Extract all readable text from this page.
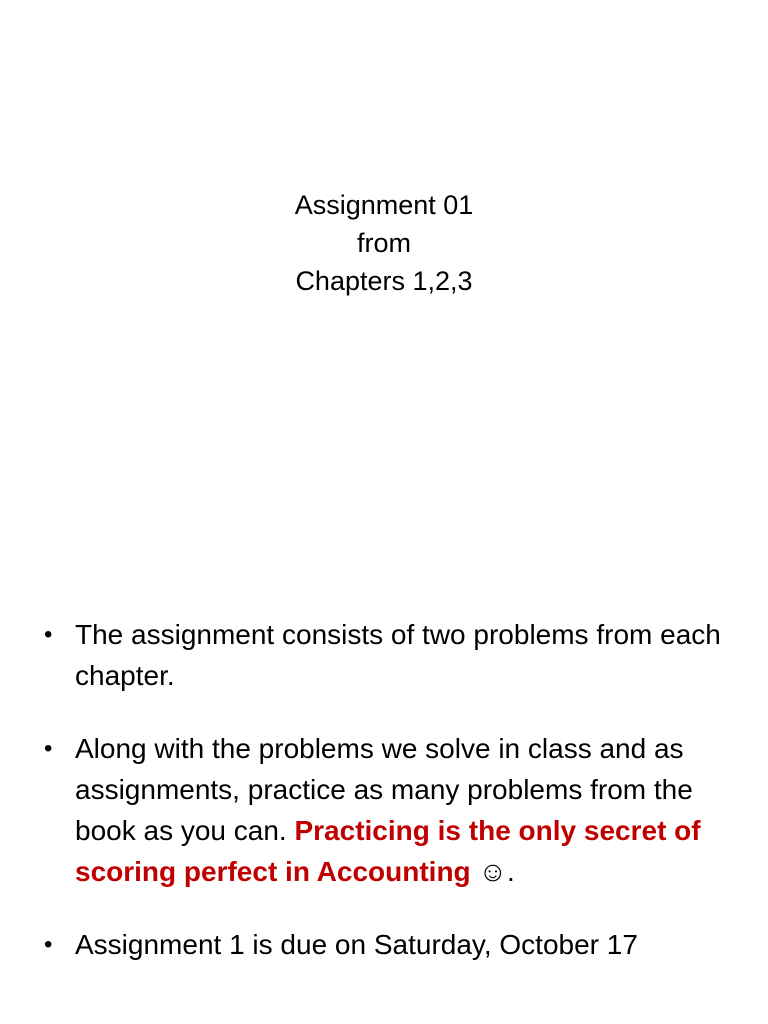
Assignment 01
from
Chapters 1,2,3
• The assignment consists of two problems from each chapter.
• Along with the problems we solve in class and as assignments, practice as many problems from the book as you can. Practicing is the only secret of scoring perfect in Accounting ☺.
• Assignment 1 is due on Saturday, October 17
